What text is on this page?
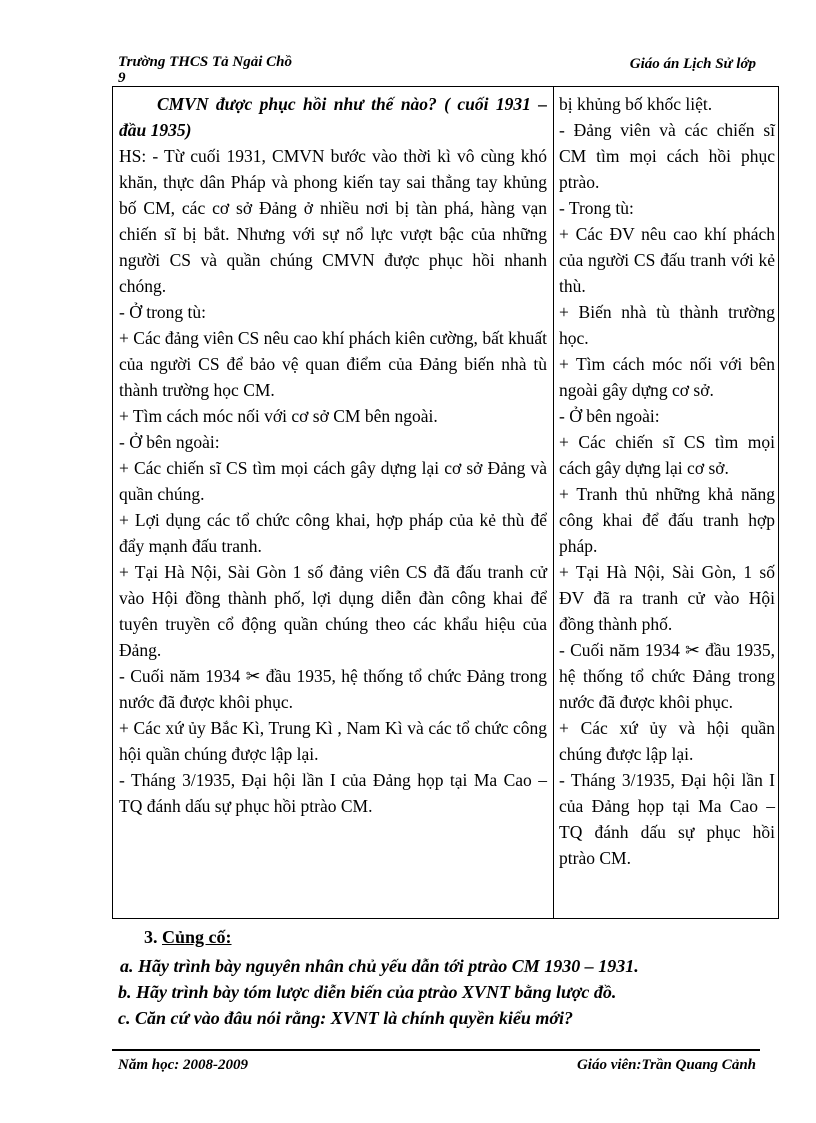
Trường THCS Tả Ngải Chồ
9
Giáo án Lịch Sử lớp

CMVN được phục hồi như thế nào? ( cuối 1931 – đầu 1935)

HS: - Từ cuối 1931, CMVN bước vào thời kì vô cùng khó khăn, thực dân Pháp và phong kiến tay sai thẳng tay khủng bố CM, các cơ sở Đảng ở nhiều nơi bị tàn phá, hàng vạn chiến sĩ bị bắt. Nhưng với sự nổ lực vượt bậc của những người CS và quần chúng CMVN được phục hồi nhanh chóng.

- Ở trong tù:

+ Các đảng viên CS nêu cao khí phách kiên cường, bất khuất của người CS để bảo vệ quan điểm của Đảng biến nhà tù thành trường học CM.

+ Tìm cách móc nối với cơ sở CM bên ngoài.

- Ở bên ngoài:

+ Các chiến sĩ CS tìm mọi cách gây dựng lại cơ sở Đảng và quần chúng.

+ Lợi dụng các tổ chức công khai, hợp pháp của kẻ thù để đẩy mạnh đấu tranh.

+ Tại Hà Nội, Sài Gòn 1 số đảng viên CS đã đấu tranh cử vào Hội đồng thành phố, lợi dụng diễn đàn công khai để tuyên truyền cổ động quần chúng theo các khẩu hiệu của Đảng.

- Cuối năm 1934 ✂ đầu 1935, hệ thống tổ chức Đảng trong nước đã được khôi phục.

+ Các xứ ủy Bắc Kì, Trung Kì , Nam Kì và các tổ chức công hội quần chúng được lập lại.

- Tháng 3/1935, Đại hội lần I của Đảng họp tại Ma Cao – TQ đánh dấu sự phục hồi ptrào CM.

bị khủng bố khốc liệt.

- Đảng viên và các chiến sĩ CM tìm mọi cách hồi phục ptrào.

- Trong tù:

+ Các ĐV nêu cao khí phách của người CS đấu tranh với kẻ thù.

+ Biến nhà tù thành trường học.

+ Tìm cách móc nối với bên ngoài gây dựng cơ sở.

- Ở bên ngoài:

+ Các chiến sĩ CS tìm mọi cách gây dựng lại cơ sở.

+ Tranh thủ những khả năng công khai để đấu tranh hợp pháp.

+ Tại Hà Nội, Sài Gòn, 1 số ĐV đã ra tranh cử vào Hội đồng thành phố.

- Cuối năm 1934 ✂ đầu 1935, hệ thống tổ chức Đảng trong nước đã được khôi phục.

+ Các xứ ủy và hội quần chúng được lập lại.

- Tháng 3/1935, Đại hội lần I của Đảng họp tại Ma Cao – TQ đánh dấu sự phục hồi ptrào CM.

3. Củng cố:
a. Hãy trình bày nguyên nhân chủ yếu dẫn tới ptrào CM 1930 – 1931.
b. Hãy trình bày tóm lược diễn biến của ptrào XVNT bằng lược đồ.
c. Căn cứ vào đâu nói rằng: XVNT là chính quyền kiểu mới?
Năm học: 2008-2009	Giáo viên:Trần Quang Cảnh
